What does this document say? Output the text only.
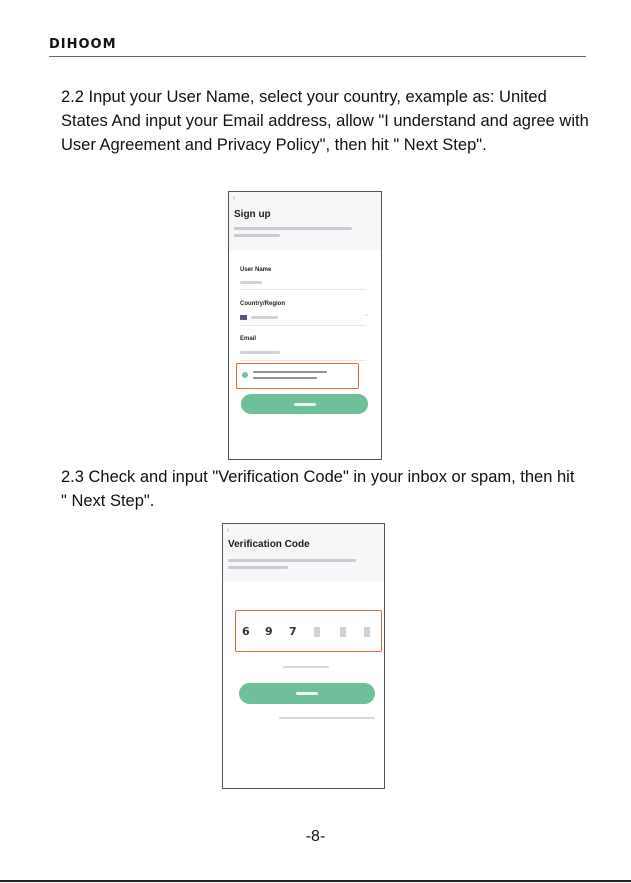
DIHOOM
2.2 Input your User Name, select your country, example as: United States And input your Email address, allow "I understand and agree with User Agreement and Privacy Policy", then hit " Next Step".
‹
Sign up
User Name
Country/Region
⌄
Email
2.3 Check and input "Verification Code" in your inbox or spam, then hit " Next Step".
‹
Verification Code
6 9 7
-8-
